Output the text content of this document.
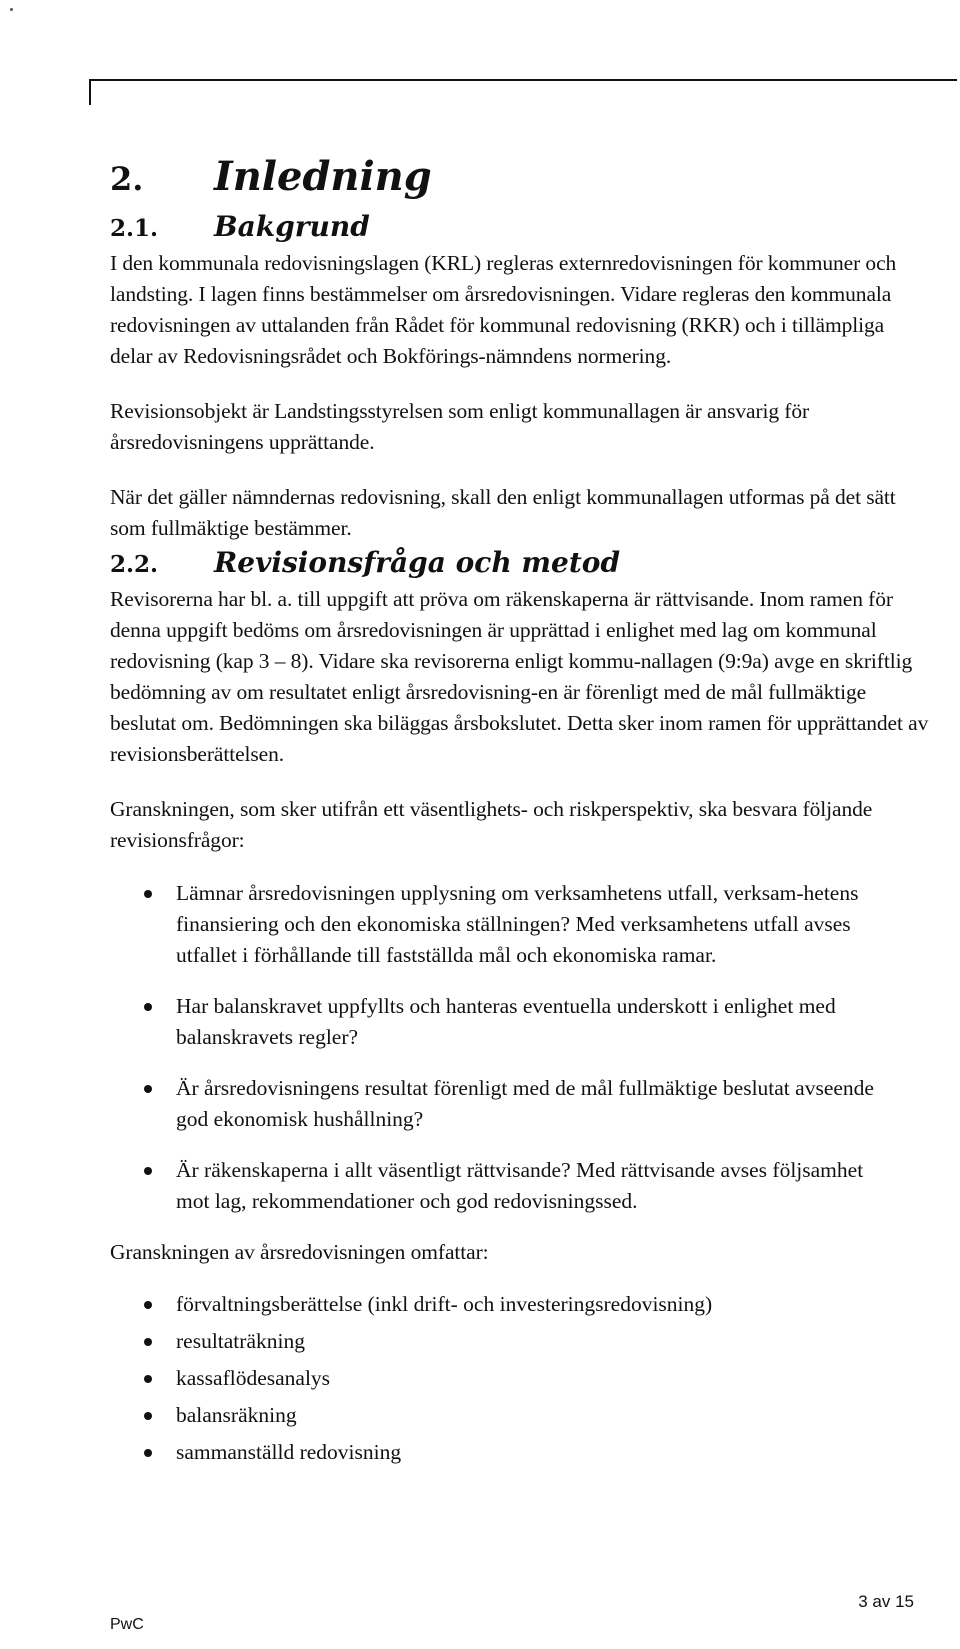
2.	Inledning
2.1.	Bakgrund

I den kommunala redovisningslagen (KRL) regleras externredovisningen för kommuner och landsting. I lagen finns bestämmelser om årsredovisningen. Vidare regleras den kommunala redovisningen av uttalanden från Rådet för kommunal redovisning (RKR) och i tillämpliga delar av Redovisningsrådet och Bokförings-nämndens normering.

Revisionsobjekt är Landstingsstyrelsen som enligt kommunallagen är ansvarig för årsredovisningens upprättande.

När det gäller nämndernas redovisning, skall den enligt kommunallagen utformas på det sätt som fullmäktige bestämmer.

2.2.	Revisionsfråga och metod

Revisorerna har bl. a. till uppgift att pröva om räkenskaperna är rättvisande. Inom ramen för denna uppgift bedöms om årsredovisningen är upprättad i enlighet med lag om kommunal redovisning (kap 3 – 8). Vidare ska revisorerna enligt kommu-nallagen (9:9a) avge en skriftlig bedömning av om resultatet enligt årsredovisning-en är förenligt med de mål fullmäktige beslutat om. Bedömningen ska biläggas årsbokslutet. Detta sker inom ramen för upprättandet av revisionsberättelsen.

Granskningen, som sker utifrån ett väsentlighets- och riskperspektiv, ska besvara följande revisionsfrågor:

Lämnar årsredovisningen upplysning om verksamhetens utfall, verksam-hetens finansiering och den ekonomiska ställningen? Med verksamhetens utfall avses utfallet i förhållande till fastställda mål och ekonomiska ramar.
Har balanskravet uppfyllts och hanteras eventuella underskott i enlighet med balanskravets regler?
Är årsredovisningens resultat förenligt med de mål fullmäktige beslutat avseende god ekonomisk hushållning?
Är räkenskaperna i allt väsentligt rättvisande? Med rättvisande avses följsamhet mot lag, rekommendationer och god redovisningssed.

Granskningen av årsredovisningen omfattar:

förvaltningsberättelse (inkl drift- och investeringsredovisning)
resultaträkning
kassaflödesanalys
balansräkning
sammanställd redovisning
PwC
3 av 15
